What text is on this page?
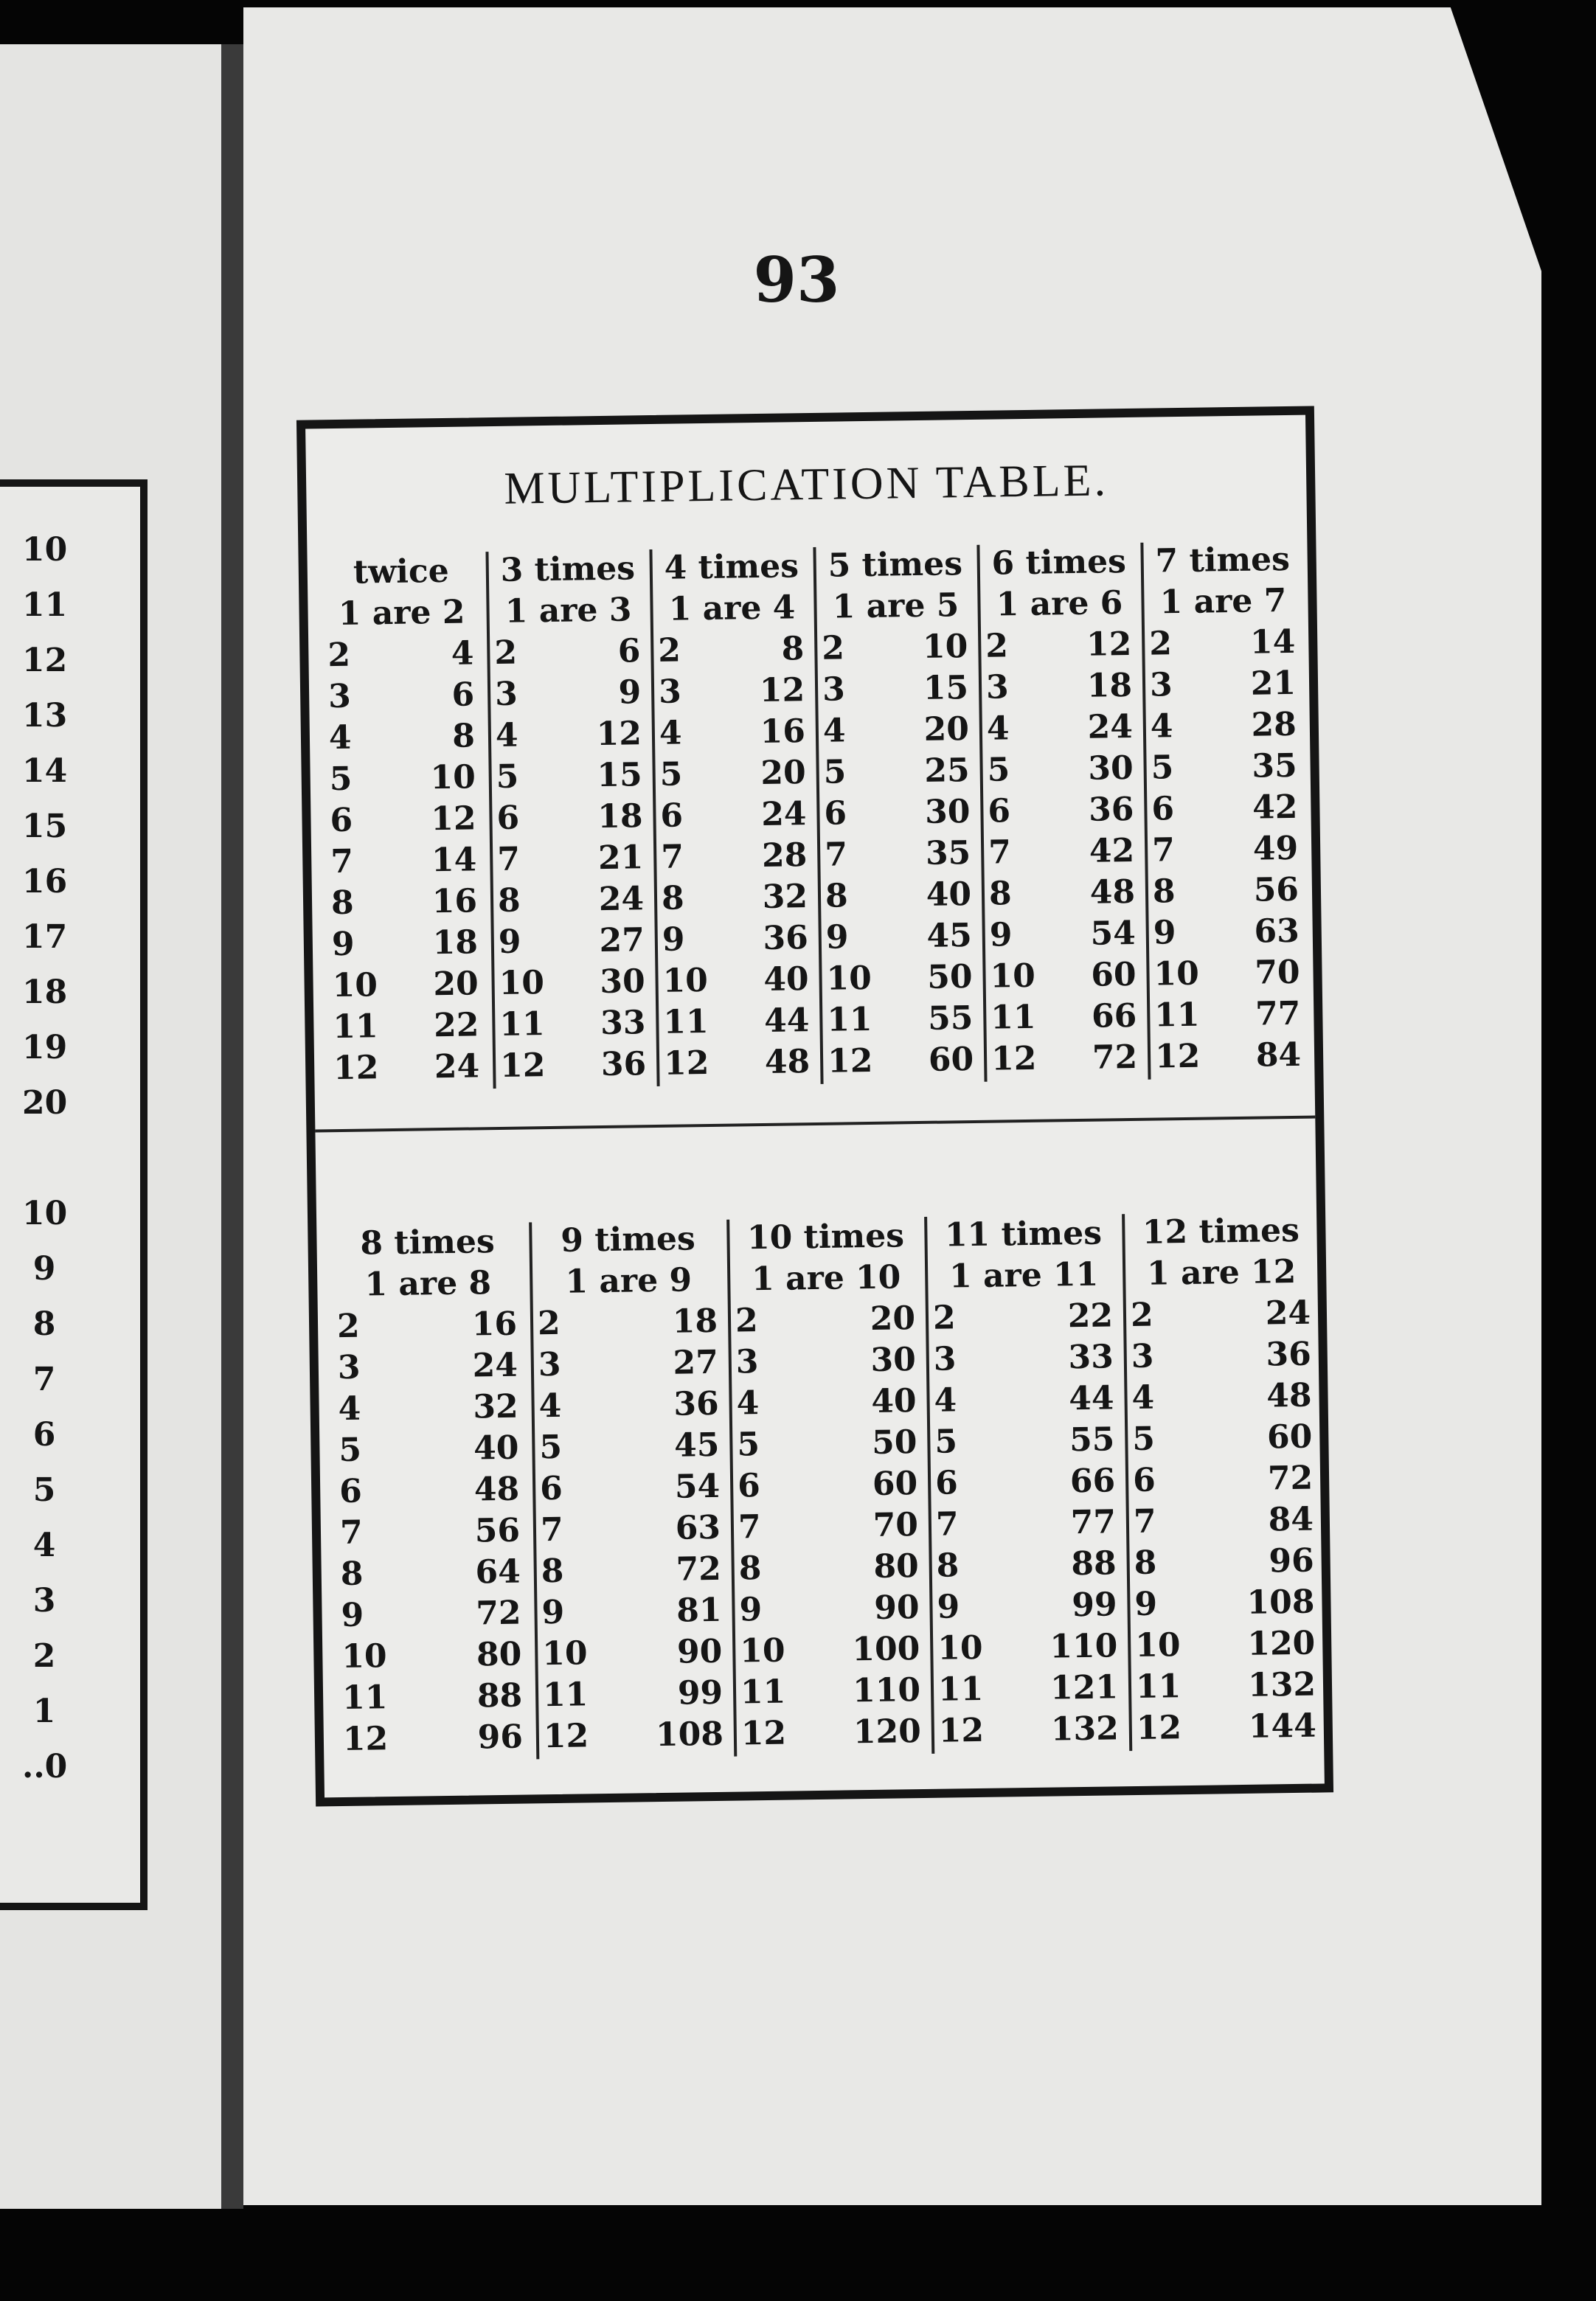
10
11
12
13
14
15
16
17
18
19
20
10
9
8
7
6
5
4
3
2
1
..0
93
MULTIPLICATION TABLE.
twice
1 are 2
2	4
3	6
4	8
5 10
6 12
7 14
8 16
9 18
10 20
11 22
12 24
3 times
1 are 3
2	6
3	9
4 12
5 15
6 18
7 21
8 24
9 27
10 30
11 33
12 36
4 times
1 are 4
2	8
3 12
4 16
5 20
6 24
7 28
8 32
9 36
10 40
11 44
12 48
5 times
1 are 5
2 10
3 15
4 20
5 25
6 30
7 35
8 40
9 45
10 50
11 55
12 60
6 times
1 are 6
2 12
3 18
4 24
5 30
6 36
7 42
8 48
9 54
10 60
11 66
12 72
7 times
1 are 7
2 14
3 21
4 28
5 35
6 42
7 49
8 56
9 63
10 70
11 77
12 84
8 times
1 are 8
2	16
3	24
4	32
5	40
6	48
7	56
8	64
9	72
10	80
11	88
12	96
9 times
1 are 9
2	18
3	27
4	36
5	45
6	54
7	63
8	72
9	81
10	90
11	99
12 108
10 times
1 are 10
2	20
3	30
4	40
5	50
6	60
7	70
8	80
9	90
10 100
11 110
12 120
11 times
1 are 11
2	22
3	33
4	44
5	55
6	66
7	77
8	88
9	99
10 110
11 121
12 132
12 times
1 are 12
2	24
3	36
4	48
5	60
6	72
7	84
8	96
9	108
10 120
11 132
12 144
